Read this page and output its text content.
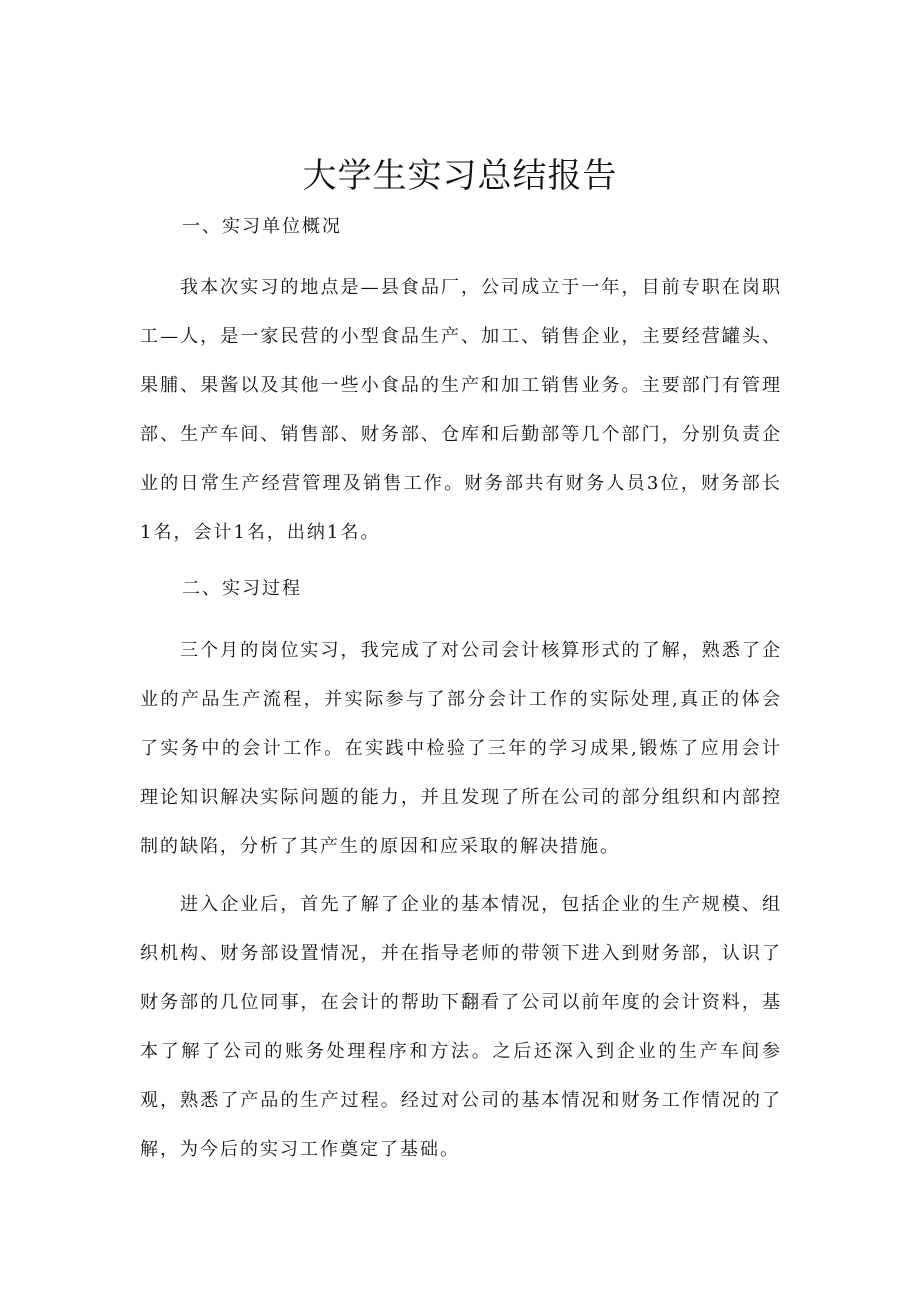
大学生实习总结报告
一、实习单位概况

我本次实习的地点是—县食品厂，公司成立于一年，目前专职在岗职工—人，是一家民营的小型食品生产、加工、销售企业，主要经营罐头、果脯、果酱以及其他一些小食品的生产和加工销售业务。主要部门有管理部、生产车间、销售部、财务部、仓库和后勤部等几个部门，分别负责企业的日常生产经营管理及销售工作。财务部共有财务人员3位，财务部长1名，会计1名，出纳1名。

二、实习过程

三个月的岗位实习，我完成了对公司会计核算形式的了解，熟悉了企业的产品生产流程，并实际参与了部分会计工作的实际处理,真正的体会了实务中的会计工作。在实践中检验了三年的学习成果,锻炼了应用会计理论知识解决实际问题的能力，并且发现了所在公司的部分组织和内部控制的缺陷，分析了其产生的原因和应采取的解决措施。

进入企业后，首先了解了企业的基本情况，包括企业的生产规模、组织机构、财务部设置情况，并在指导老师的带领下进入到财务部，认识了财务部的几位同事，在会计的帮助下翻看了公司以前年度的会计资料，基本了解了公司的账务处理程序和方法。之后还深入到企业的生产车间参观，熟悉了产品的生产过程。经过对公司的基本情况和财务工作情况的了解，为今后的实习工作奠定了基础。
